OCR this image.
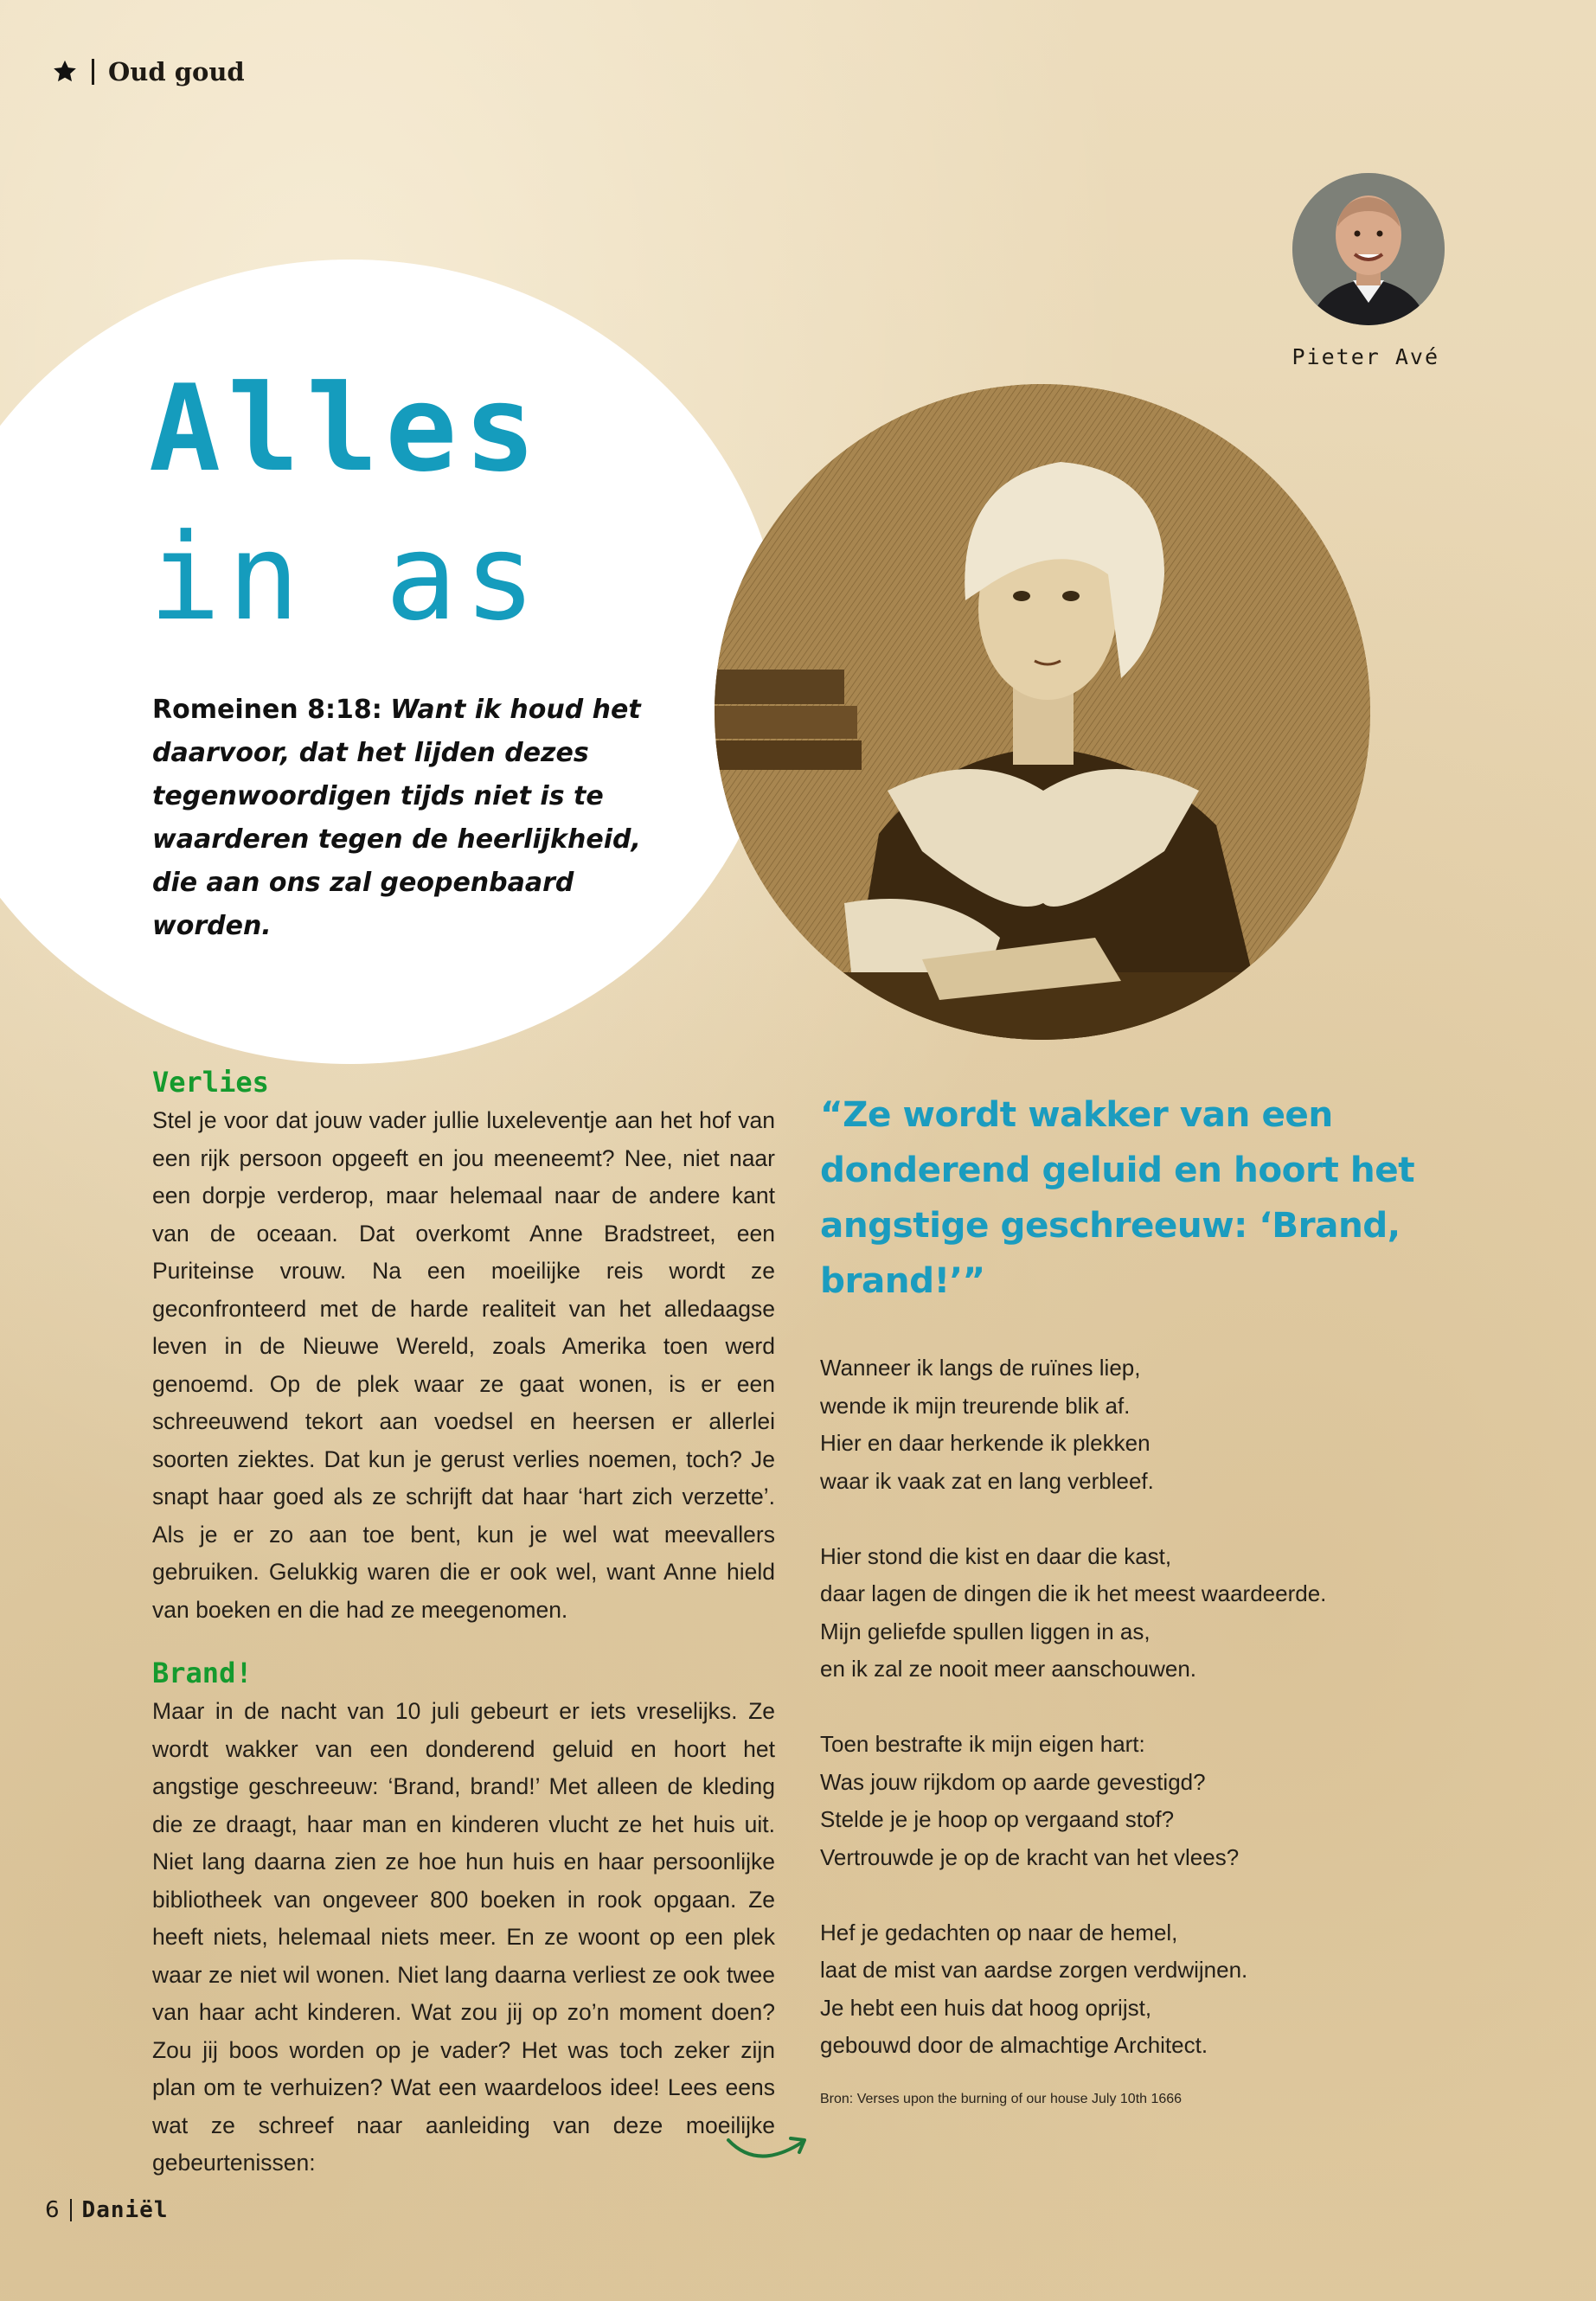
Oud goud
Pieter Avé
Alles
in as
Romeinen 8:18: Want ik houd het daarvoor, dat het lijden dezes tegenwoordigen tijds niet is te waarderen tegen de heerlijkheid, die aan ons zal geopenbaard worden.
Verlies

Stel je voor dat jouw vader jullie luxeleventje aan het hof van een rijk persoon opgeeft en jou meeneemt? Nee, niet naar een dorpje verderop, maar helemaal naar de andere kant van de oceaan. Dat overkomt Anne Bradstreet, een Puriteinse vrouw. Na een moeilijke reis wordt ze geconfronteerd met de harde realiteit van het alledaagse leven in de Nieuwe Wereld, zoals Amerika toen werd genoemd. Op de plek waar ze gaat wonen, is er een schreeuwend tekort aan voedsel en heersen er allerlei soorten ziektes. Dat kun je gerust verlies noemen, toch? Je snapt haar goed als ze schrijft dat haar ‘hart zich verzette’. Als je er zo aan toe bent, kun je wel wat meevallers gebruiken. Gelukkig waren die er ook wel, want Anne hield van boeken en die had ze meegenomen.

Brand!

Maar in de nacht van 10 juli gebeurt er iets vreselijks. Ze wordt wakker van een donderend geluid en hoort het angstige geschreeuw: ‘Brand, brand!’ Met alleen de kleding die ze draagt, haar man en kinderen vlucht ze het huis uit. Niet lang daarna zien ze hoe hun huis en haar persoonlijke bibliotheek van ongeveer 800 boeken in rook opgaan. Ze heeft niets, helemaal niets meer. En ze woont op een plek waar ze niet wil wonen. Niet lang daarna verliest ze ook twee van haar acht kinderen. Wat zou jij op zo’n moment doen? Zou jij boos worden op je vader? Het was toch zeker zijn plan om te verhuizen? Wat een waardeloos idee! Lees eens wat ze schreef naar aanleiding van deze moeilijke gebeurtenissen:

“Ze wordt wakker van een donderend geluid en hoort het angstige geschreeuw: ‘Brand, brand!’”

Wanneer ik langs de ruïnes liep,
wende ik mijn treurende blik af.
Hier en daar herkende ik plekken
waar ik vaak zat en lang verbleef.

Hier stond die kist en daar die kast,
daar lagen de dingen die ik het meest waardeerde.
Mijn geliefde spullen liggen in as,
en ik zal ze nooit meer aanschouwen.

Toen bestrafte ik mijn eigen hart:
Was jouw rijkdom op aarde gevestigd?
Stelde je je hoop op vergaand stof?
Vertrouwde je op de kracht van het vlees?

Hef je gedachten op naar de hemel,
laat de mist van aardse zorgen verdwijnen.
Je hebt een huis dat hoog oprijst,
gebouwd door de almachtige Architect.

Bron: Verses upon the burning of our house July 10th 1666
6 Daniël
